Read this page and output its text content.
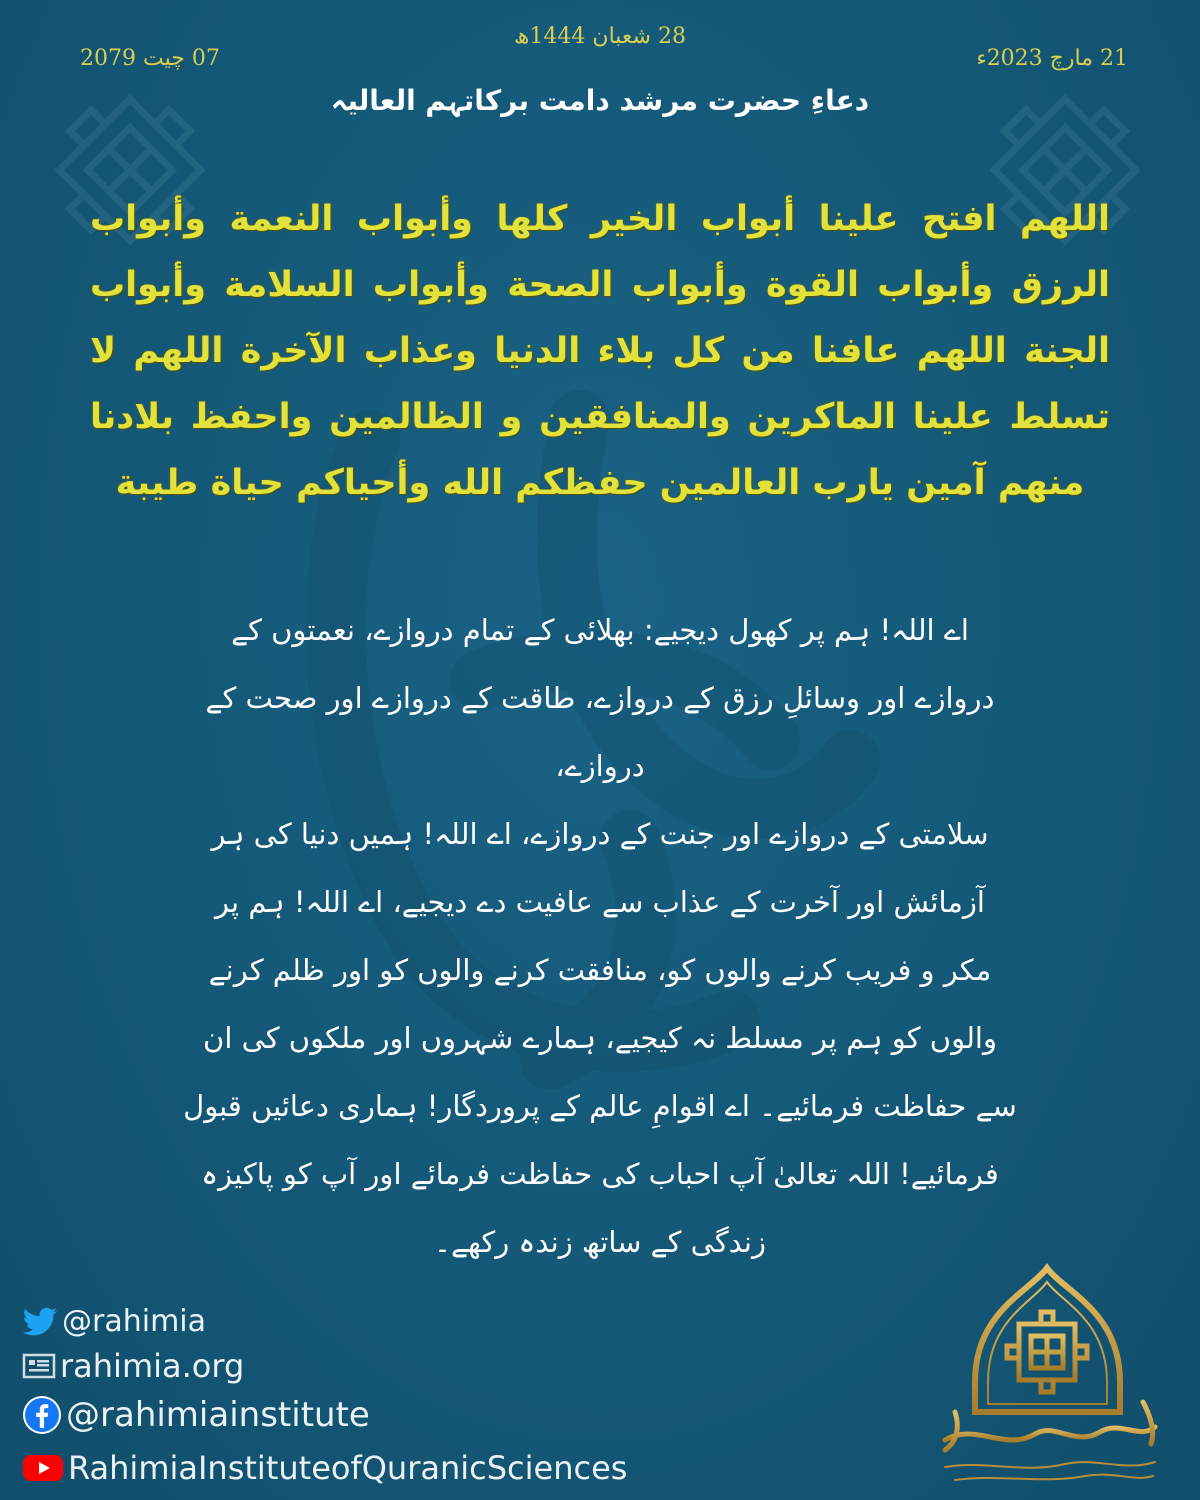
28 شعبان 1444ھ
21 مارچ 2023ء
07 چیت 2079
دعاءِ حضرت مرشد دامت برکاتہم العالیہ
اللهم افتح علينا أبواب الخير كلها وأبواب النعمة وأبواب الرزق وأبواب القوة وأبواب الصحة وأبواب السلامة وأبواب الجنة اللهم عافنا من كل بلاء الدنيا وعذاب الآخرة اللهم لا تسلط علينا الماكرين والمنافقين و الظالمين واحفظ بلادنا منهم آمين يارب العالمين حفظكم الله وأحياكم حياة طيبة
اے اللہ! ہم پر کھول دیجیے: بھلائی کے تمام دروازے، نعمتوں کے
دروازے اور وسائلِ رزق کے دروازے، طاقت کے دروازے اور صحت کے دروازے،
سلامتی کے دروازے اور جنت کے دروازے، اے اللہ! ہمیں دنیا کی ہر
آزمائش اور آخرت کے عذاب سے عافیت دے دیجیے، اے اللہ! ہم پر
مکر و فریب کرنے والوں کو، منافقت کرنے والوں کو اور ظلم کرنے
والوں کو ہم پر مسلط نہ کیجیے، ہمارے شہروں اور ملکوں کی ان
سے حفاظت فرمائیے۔ اے اقوامِ عالم کے پروردگار! ہماری دعائیں قبول
فرمائیے! اللہ تعالیٰ آپ احباب کی حفاظت فرمائے اور آپ کو پاکیزہ
زندگی کے ساتھ زندہ رکھے۔
@rahimia
rahimia.org
@rahimiainstitute
RahimiaInstituteofQuranicSciences
